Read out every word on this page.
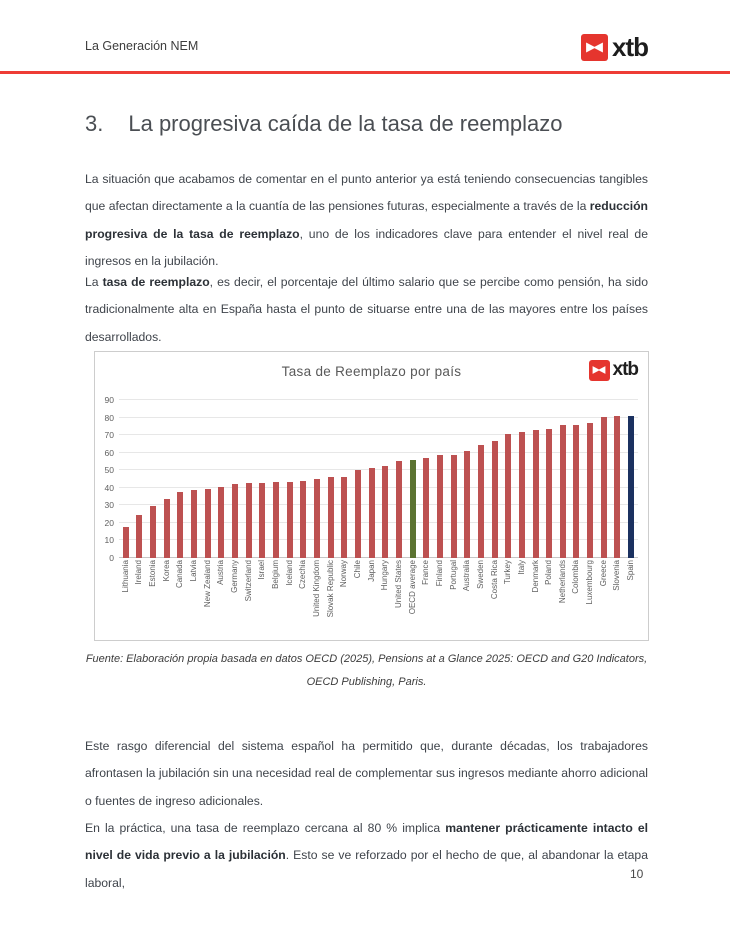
La Generación NEM	xtb
3. La progresiva caída de la tasa de reemplazo

La situación que acabamos de comentar en el punto anterior ya está teniendo consecuencias tangibles que afectan directamente a la cuantía de las pensiones futuras, especialmente a través de la reducción progresiva de la tasa de reemplazo, uno de los indicadores clave para entender el nivel real de ingresos en la jubilación.

La tasa de reemplazo, es decir, el porcentaje del último salario que se percibe como pensión, ha sido tradicionalmente alta en España hasta el punto de situarse entre una de las mayores entre los países desarrollados.

Tasa de Reemplazo por país	xtb
0
10
20
30
40
50
60
70
80
90
Lithuania Ireland Estonia Korea Canada Latvia New Zealand Austria Germany Switzerland Israel Belgium Iceland Czechia United Kingdom Slovak Republic Norway Chile Japan Hungary United States OECD average France Finland Portugal Australia Sweden Costa Rica Turkey Italy Denmark Poland Netherlands Colombia Luxembourg Greece Slovenia Spain
Fuente: Elaboración propia basada en datos OECD (2025), Pensions at a Glance 2025: OECD and G20 Indicators, OECD Publishing, Paris.

Este rasgo diferencial del sistema español ha permitido que, durante décadas, los trabajadores afrontasen la jubilación sin una necesidad real de complementar sus ingresos mediante ahorro adicional o fuentes de ingreso adicionales.

En la práctica, una tasa de reemplazo cercana al 80 % implica mantener prácticamente intacto el nivel de vida previo a la jubilación. Esto se ve reforzado por el hecho de que, al abandonar la etapa laboral,

10
